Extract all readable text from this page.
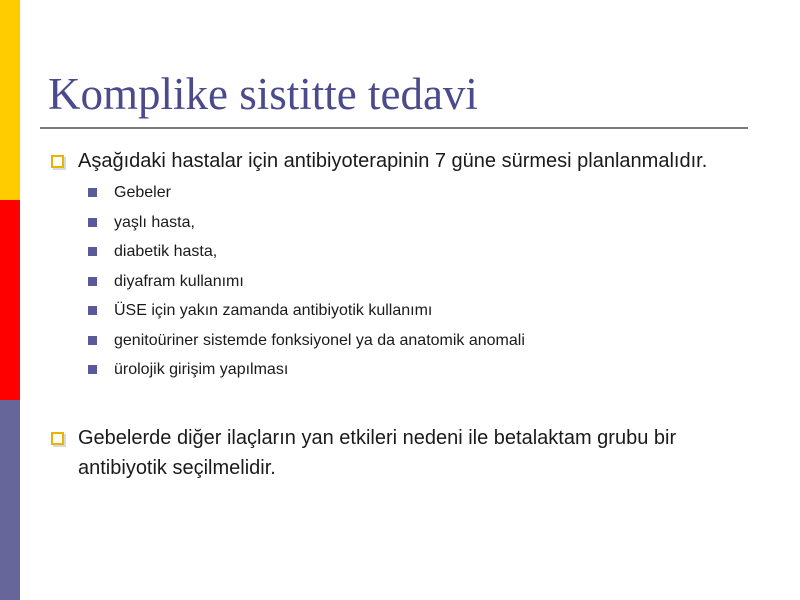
Komplike sistitte tedavi
Aşağıdaki hastalar için antibiyoterapinin 7 güne sürmesi planlanmalıdır.
Gebeler
yaşlı hasta,
diabetik hasta,
diyafram kullanımı
ÜSE için yakın zamanda antibiyotik kullanımı
genitoüriner sistemde fonksiyonel ya da anatomik anomali
ürolojik girişim yapılması
Gebelerde diğer ilaçların yan etkileri nedeni ile betalaktam grubu bir antibiyotik seçilmelidir.
